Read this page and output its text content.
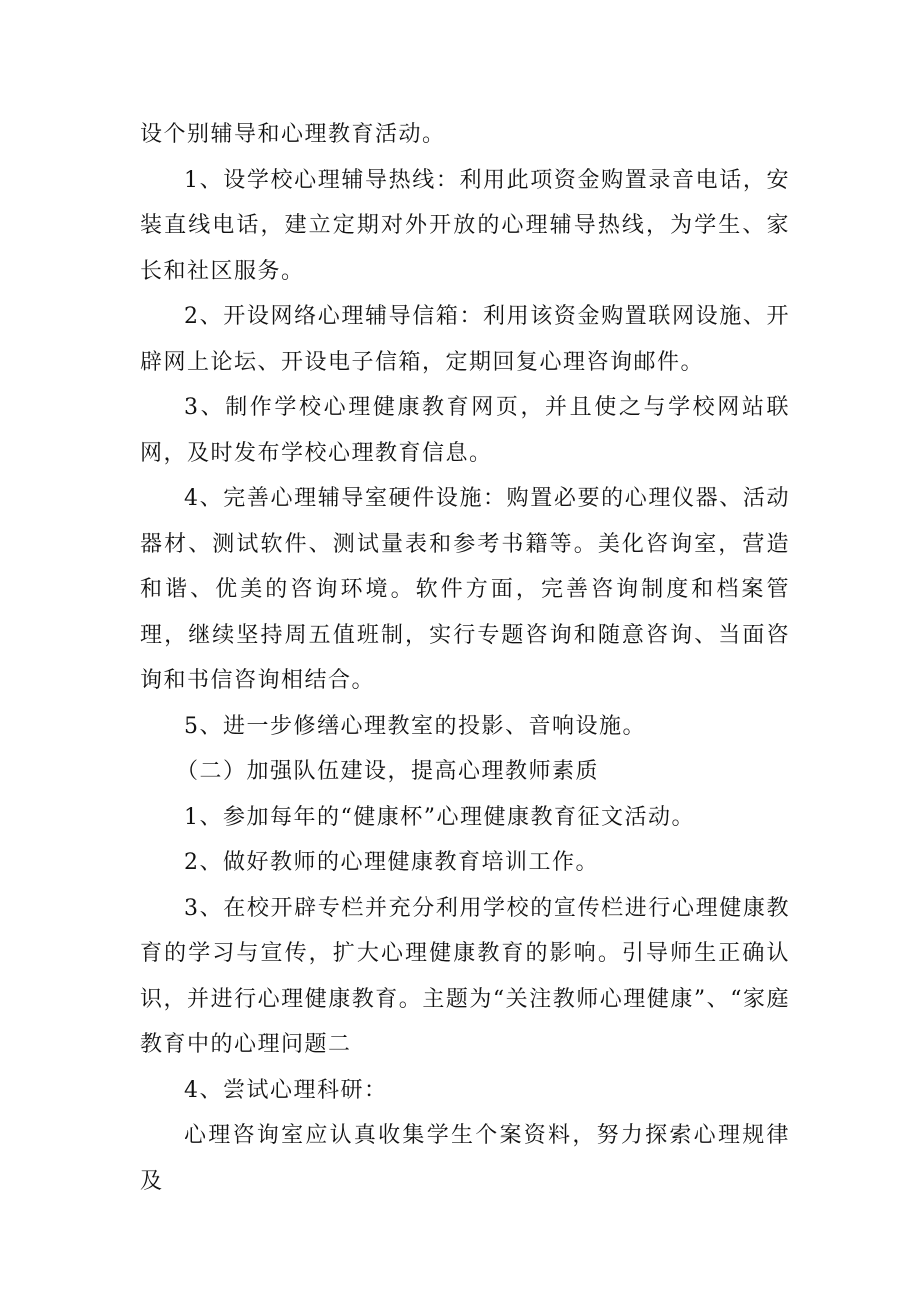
设个别辅导和心理教育活动。

1、设学校心理辅导热线：利用此项资金购置录音电话，安装直线电话，建立定期对外开放的心理辅导热线，为学生、家长和社区服务。

2、开设网络心理辅导信箱：利用该资金购置联网设施、开辟网上论坛、开设电子信箱，定期回复心理咨询邮件。

3、制作学校心理健康教育网页，并且使之与学校网站联网，及时发布学校心理教育信息。

4、完善心理辅导室硬件设施：购置必要的心理仪器、活动器材、测试软件、测试量表和参考书籍等。美化咨询室，营造和谐、优美的咨询环境。软件方面，完善咨询制度和档案管理，继续坚持周五值班制，实行专题咨询和随意咨询、当面咨询和书信咨询相结合。

5、进一步修缮心理教室的投影、音响设施。

（二）加强队伍建设，提高心理教师素质

1、参加每年的“健康杯”心理健康教育征文活动。

2、做好教师的心理健康教育培训工作。

3、在校开辟专栏并充分利用学校的宣传栏进行心理健康教育的学习与宣传，扩大心理健康教育的影响。引导师生正确认识，并进行心理健康教育。主题为“关注教师心理健康”、“家庭教育中的心理问题二

4、尝试心理科研：

心理咨询室应认真收集学生个案资料，努力探索心理规律及
